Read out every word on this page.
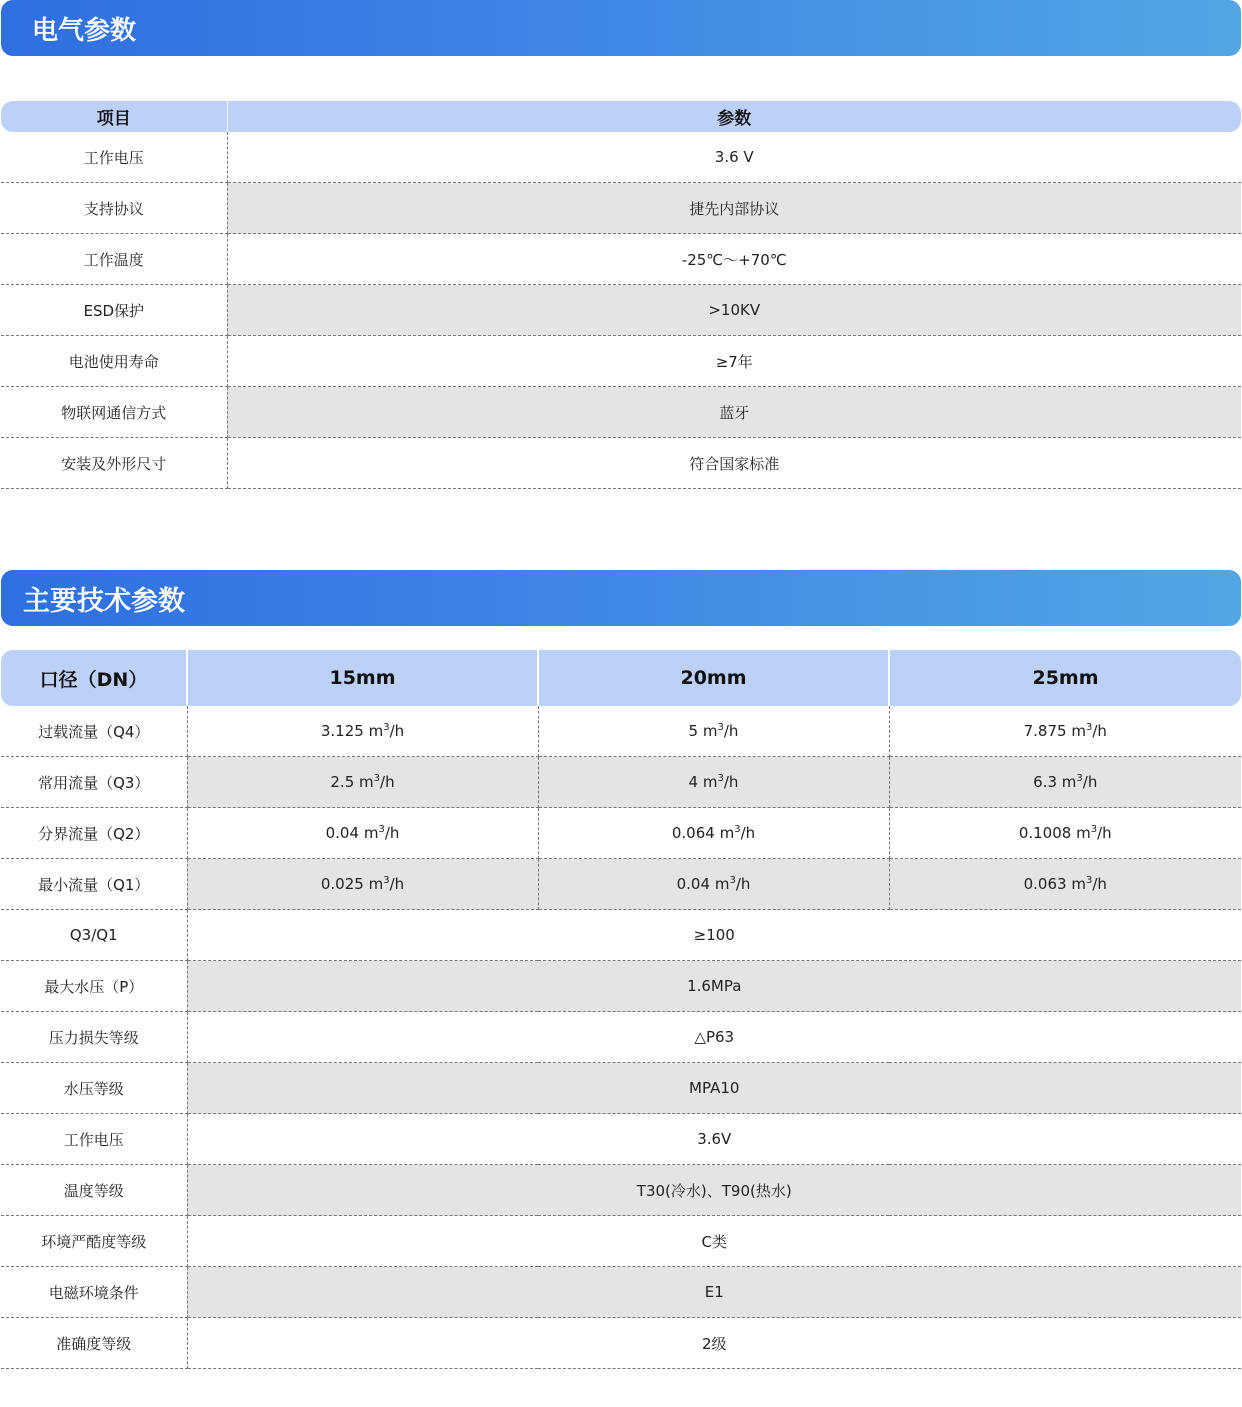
电气参数
项目	参数
工作电压	3.6 V
支持协议	捷先内部协议
工作温度	-25℃～+70℃
ESD保护	>10KV
电池使用寿命	≥7年
物联网通信方式	蓝牙
安装及外形尺寸	符合国家标准
主要技术参数
口径（DN）	15mm	20mm	25mm
过载流量（Q4）	3.125 $m^3/h$	5 $m^3/h$	7.875 $m^3/h$
常用流量（Q3）	2.5 $m^3/h$	4 $m^3/h$	6.3 $m^3/h$
分界流量（Q2）	0.04 $m^3/h$	0.064 $m^3/h$	0.1008 $m^3/h$
最小流量（Q1）	0.025 $m^3/h$	0.04 $m^3/h$	0.063 $m^3/h$
Q3/Q1	≥100		
最大水压（P）	1.6MPa		
压力损失等级	△P63		
水压等级	MPA10		
工作电压	3.6V		
温度等级	T30(冷水)、T90(热水)		
环境严酷度等级	C类		
电磁环境条件	E1		
准确度等级	2级		
